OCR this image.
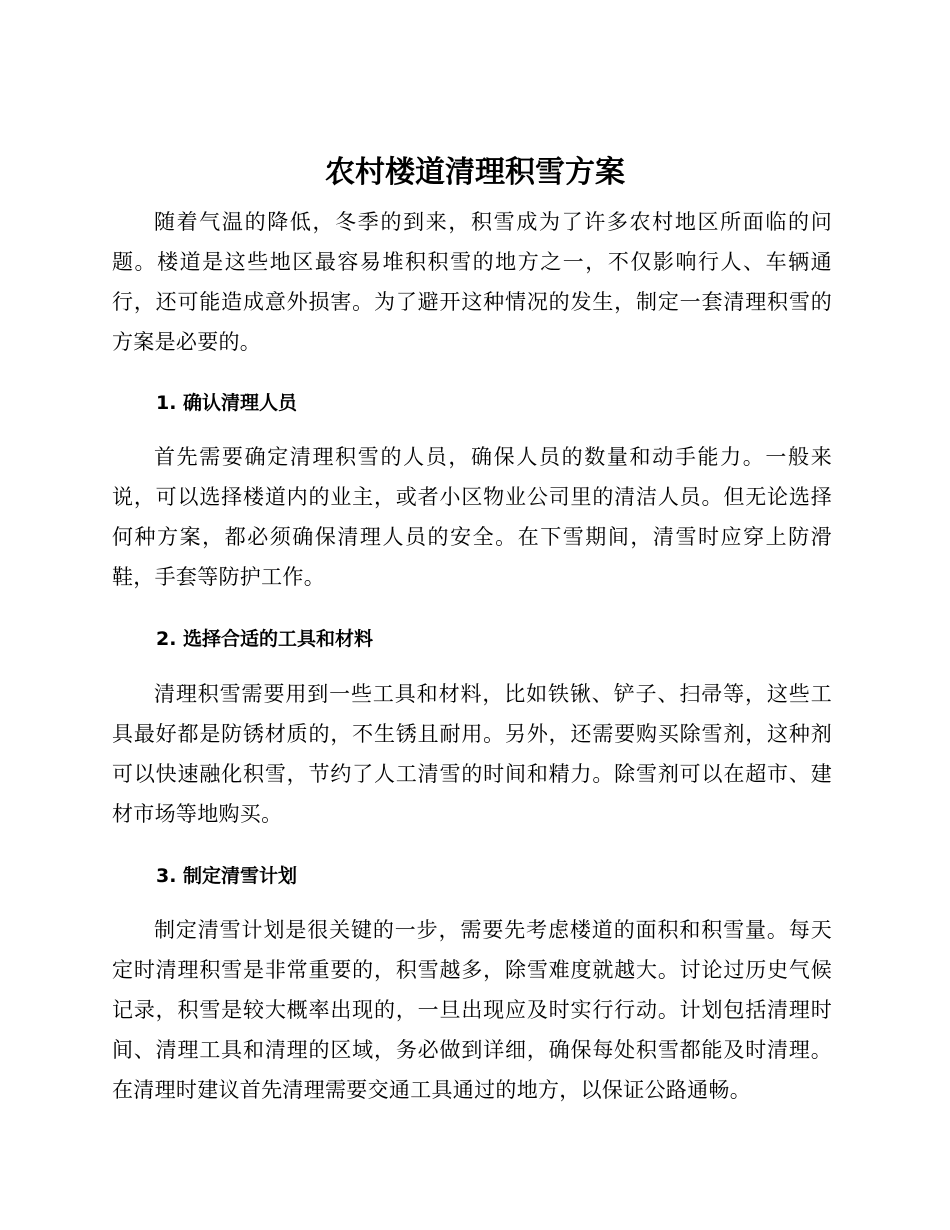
农村楼道清理积雪方案

随着气温的降低，冬季的到来，积雪成为了许多农村地区所面临的问题。楼道是这些地区最容易堆积积雪的地方之一，不仅影响行人、车辆通行，还可能造成意外损害。为了避开这种情况的发生，制定一套清理积雪的方案是必要的。

1. 确认清理人员

首先需要确定清理积雪的人员，确保人员的数量和动手能力。一般来说，可以选择楼道内的业主，或者小区物业公司里的清洁人员。但无论选择何种方案，都必须确保清理人员的安全。在下雪期间，清雪时应穿上防滑鞋，手套等防护工作。

2. 选择合适的工具和材料

清理积雪需要用到一些工具和材料，比如铁锹、铲子、扫帚等，这些工具最好都是防锈材质的，不生锈且耐用。另外，还需要购买除雪剂，这种剂可以快速融化积雪，节约了人工清雪的时间和精力。除雪剂可以在超市、建材市场等地购买。

3. 制定清雪计划

制定清雪计划是很关键的一步，需要先考虑楼道的面积和积雪量。每天定时清理积雪是非常重要的，积雪越多，除雪难度就越大。讨论过历史气候记录，积雪是较大概率出现的，一旦出现应及时实行行动。计划包括清理时间、清理工具和清理的区域，务必做到详细，确保每处积雪都能及时清理。在清理时建议首先清理需要交通工具通过的地方，以保证公路通畅。
